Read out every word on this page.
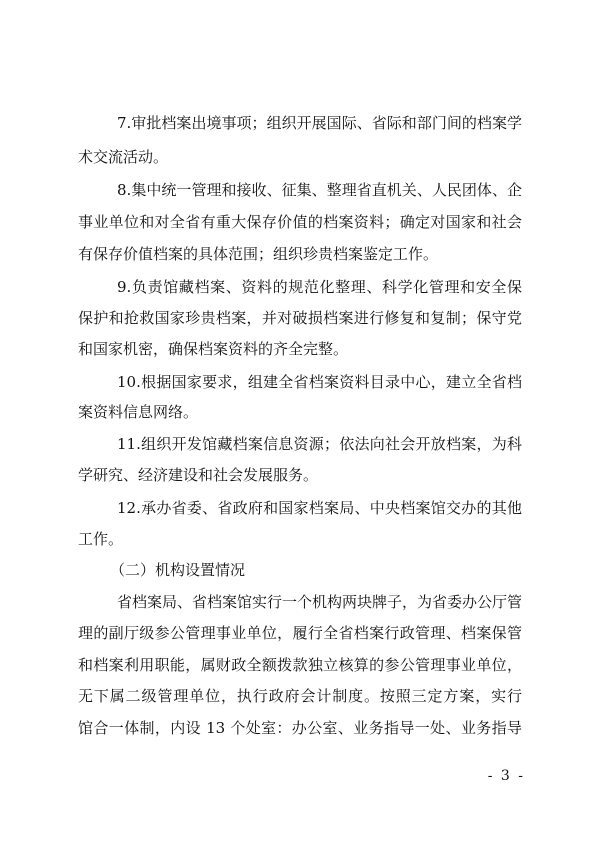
7.审批档案出境事项；组织开展国际、省际和部门间的档案学
术交流活动。
8.集中统一管理和接收、征集、整理省直机关、人民团体、企
事业单位和对全省有重大保存价值的档案资料；确定对国家和社会
有保存价值档案的具体范围；组织珍贵档案鉴定工作。
9.负责馆藏档案、资料的规范化整理、科学化管理和安全保
保护和抢救国家珍贵档案，并对破损档案进行修复和复制；保守党
和国家机密，确保档案资料的齐全完整。
10.根据国家要求，组建全省档案资料目录中心，建立全省档
案资料信息网络。
11.组织开发馆藏档案信息资源；依法向社会开放档案，为科
学研究、经济建设和社会发展服务。
12.承办省委、省政府和国家档案局、中央档案馆交办的其他
工作。
（二）机构设置情况
省档案局、省档案馆实行一个机构两块牌子，为省委办公厅管
理的副厅级参公管理事业单位，履行全省档案行政管理、档案保管
和档案利用职能，属财政全额拨款独立核算的参公管理事业单位，
无下属二级管理单位，执行政府会计制度。按照三定方案，实行
馆合一体制，内设 13 个处室：办公室、业务指导一处、业务指导
- 3 -
